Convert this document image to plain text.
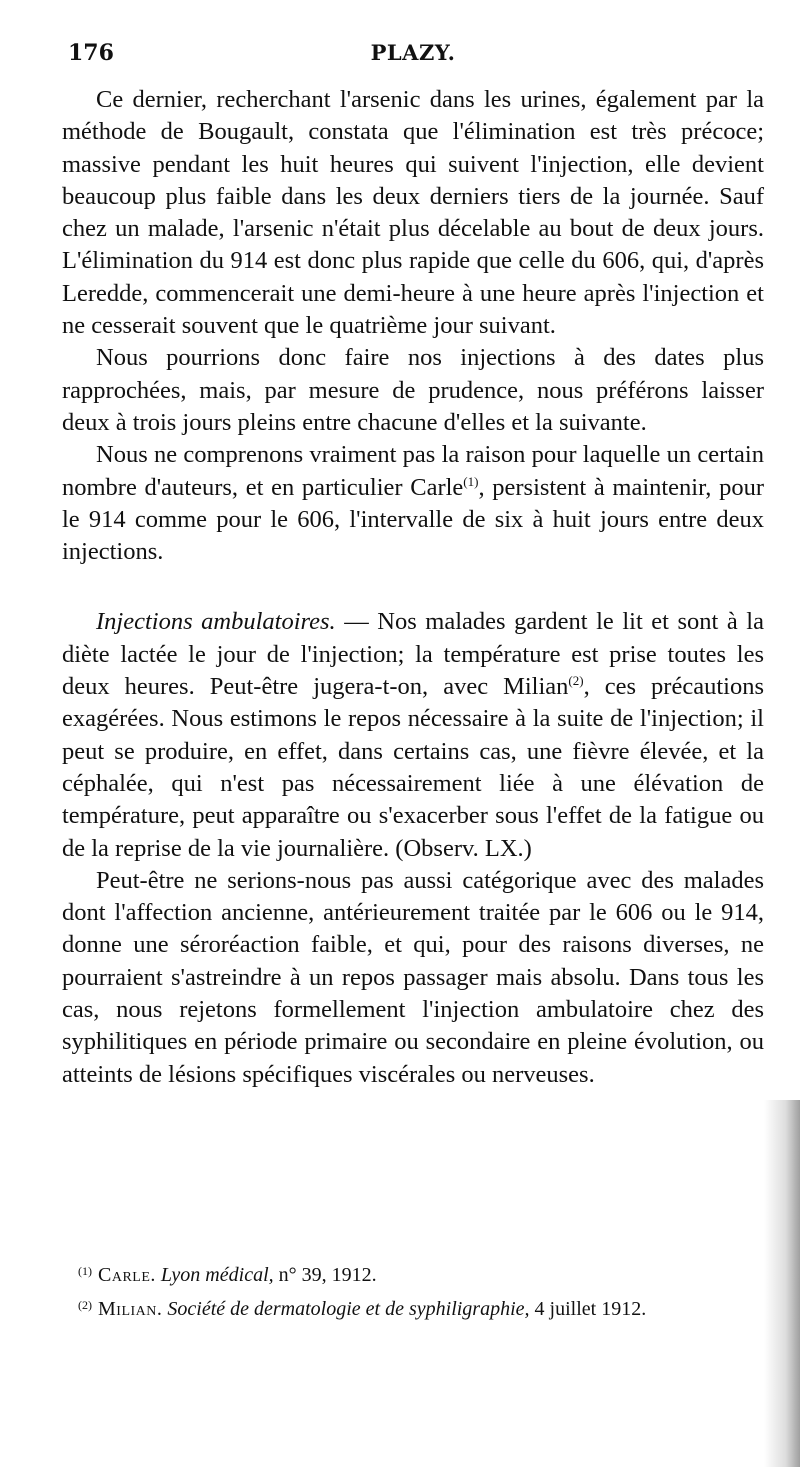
176	PLAZY.

Ce dernier, recherchant l'arsenic dans les urines, également par la méthode de Bougault, constata que l'élimination est très précoce; massive pendant les huit heures qui suivent l'injection, elle devient beaucoup plus faible dans les deux derniers tiers de la journée. Sauf chez un malade, l'arsenic n'était plus décelable au bout de deux jours. L'élimination du 914 est donc plus rapide que celle du 606, qui, d'après Leredde, commencerait une demi-heure à une heure après l'injection et ne cesserait souvent que le quatrième jour suivant.

Nous pourrions donc faire nos injections à des dates plus rapprochées, mais, par mesure de prudence, nous préférons laisser deux à trois jours pleins entre chacune d'elles et la suivante.

Nous ne comprenons vraiment pas la raison pour laquelle un certain nombre d'auteurs, et en particulier Carle$^{(1)}$, persistent à maintenir, pour le 914 comme pour le 606, l'intervalle de six à huit jours entre deux injections.

Injections ambulatoires. — Nos malades gardent le lit et sont à la diète lactée le jour de l'injection; la température est prise toutes les deux heures. Peut-être jugera-t-on, avec Milian$^{(2)}$, ces précautions exagérées. Nous estimons le repos nécessaire à la suite de l'injection; il peut se produire, en effet, dans certains cas, une fièvre élevée, et la céphalée, qui n'est pas nécessairement liée à une élévation de température, peut apparaître ou s'exacerber sous l'effet de la fatigue ou de la reprise de la vie journalière. (Observ. LX.)

Peut-être ne serions-nous pas aussi catégorique avec des malades dont l'affection ancienne, antérieurement traitée par le 606 ou le 914, donne une séroréaction faible, et qui, pour des raisons diverses, ne pourraient s'astreindre à un repos passager mais absolu. Dans tous les cas, nous rejetons formellement l'injection ambulatoire chez des syphilitiques en période primaire ou secondaire en pleine évolution, ou atteints de lésions spécifiques viscérales ou nerveuses.

$^{(1)}$ Carle. Lyon médical, n° 39, 1912.
$^{(2)}$ Milian. Société de dermatologie et de syphiligraphie, 4 juillet 1912.
